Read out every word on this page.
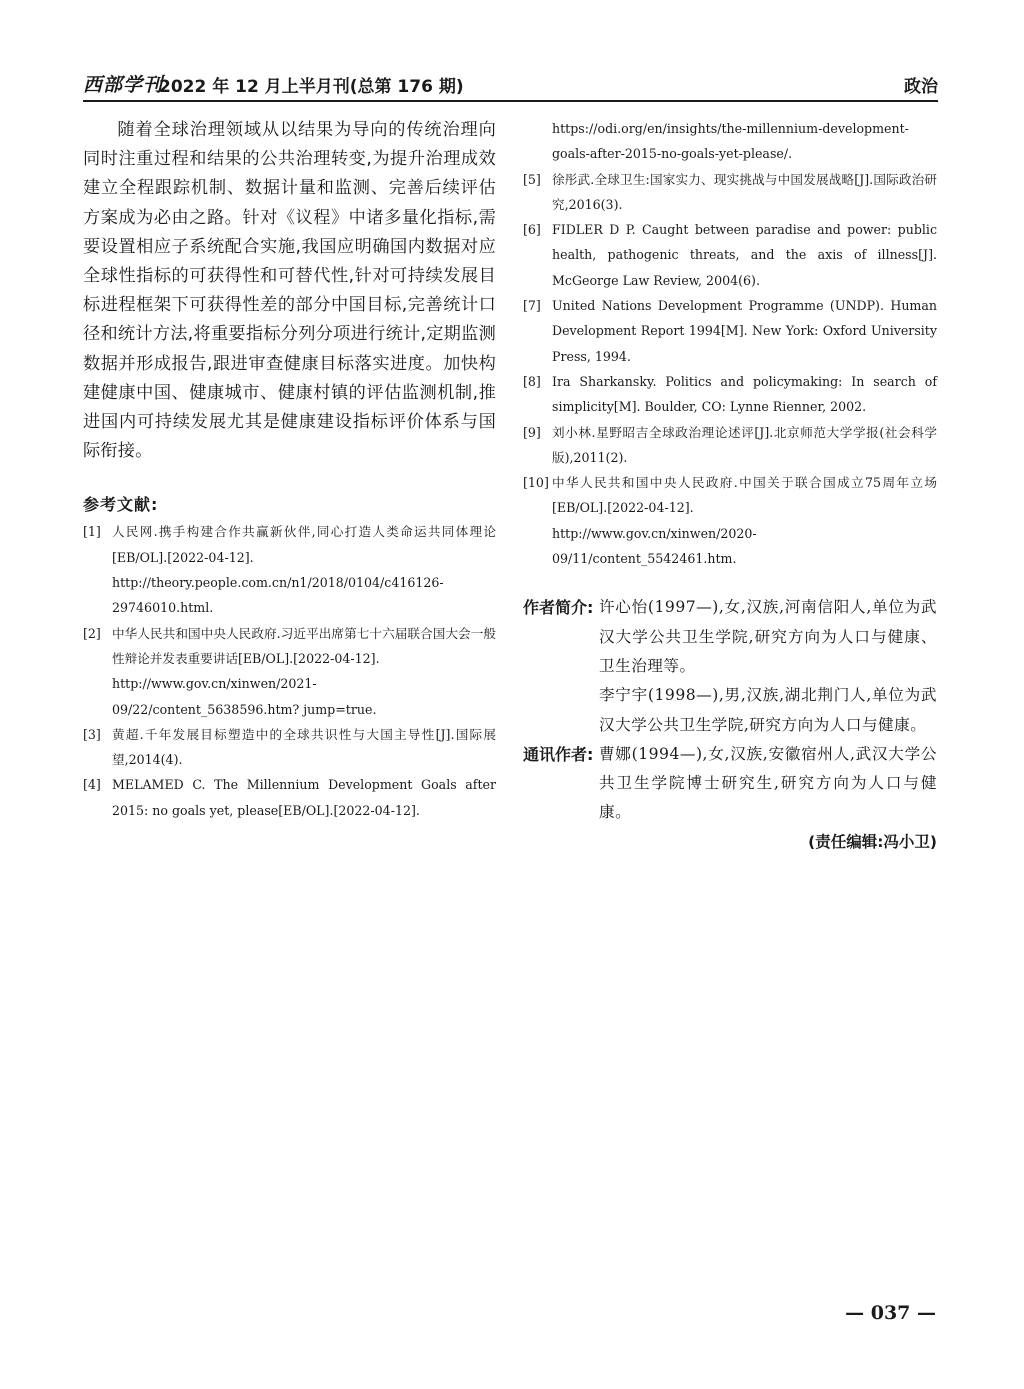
西部学刊
2022 年 12 月上半月刊(总第 176 期)	政治

随着全球治理领域从以结果为导向的传统治理向同时注重过程和结果的公共治理转变,为提升治理成效建立全程跟踪机制、数据计量和监测、完善后续评估方案成为必由之路。针对《议程》中诸多量化指标,需要设置相应子系统配合实施,我国应明确国内数据对应全球性指标的可获得性和可替代性,针对可持续发展目标进程框架下可获得性差的部分中国目标,完善统计口径和统计方法,将重要指标分列分项进行统计,定期监测数据并形成报告,跟进审查健康目标落实进度。加快构建健康中国、健康城市、健康村镇的评估监测机制,推进国内可持续发展尤其是健康建设指标评价体系与国际衔接。

参考文献:
[1] 人民网.携手构建合作共赢新伙伴,同心打造人类命运共同体理论[EB/OL].[2022-04-12].
http://theory.people.com.cn/n1/2018/0104/c416126-29746010.html.
[2] 中华人民共和国中央人民政府.习近平出席第七十六届联合国大会一般性辩论并发表重要讲话[EB/OL].[2022-04-12].
http://www.gov.cn/xinwen/2021-09/22/content_5638596.htm? jump=true.
[3] 黄超.千年发展目标塑造中的全球共识性与大国主导性[J].国际展望,2014(4).
[4] MELAMED C. The Millennium Development Goals after 2015: no goals yet, please[EB/OL].[2022-04-12].
https://odi.org/en/insights/the-millennium-development-goals-after-2015-no-goals-yet-please/.
[5] 徐彤武.全球卫生:国家实力、现实挑战与中国发展战略[J].国际政治研究,2016(3).
[6] FIDLER D P. Caught between paradise and power: public health, pathogenic threats, and the axis of illness[J]. McGeorge Law Review, 2004(6).
[7] United Nations Development Programme (UNDP). Human Development Report 1994[M]. New York: Oxford University Press, 1994.
[8] Ira Sharkansky. Politics and policymaking: In search of simplicity[M]. Boulder, CO: Lynne Rienner, 2002.
[9] 刘小林.星野昭吉全球政治理论述评[J].北京师范大学学报(社会科学版),2011(2).
[10] 中华人民共和国中央人民政府.中国关于联合国成立75周年立场[EB/OL].[2022-04-12].
http://www.gov.cn/xinwen/2020-09/11/content_5542461.htm.
作者简介: 许心怡(1997—),女,汉族,河南信阳人,单位为武汉大学公共卫生学院,研究方向为人口与健康、卫生治理等。
李宁宇(1998—),男,汉族,湖北荆门人,单位为武汉大学公共卫生学院,研究方向为人口与健康。
通讯作者: 曹娜(1994—),女,汉族,安徽宿州人,武汉大学公共卫生学院博士研究生,研究方向为人口与健康。
(责任编辑:冯小卫)
— 037 —
